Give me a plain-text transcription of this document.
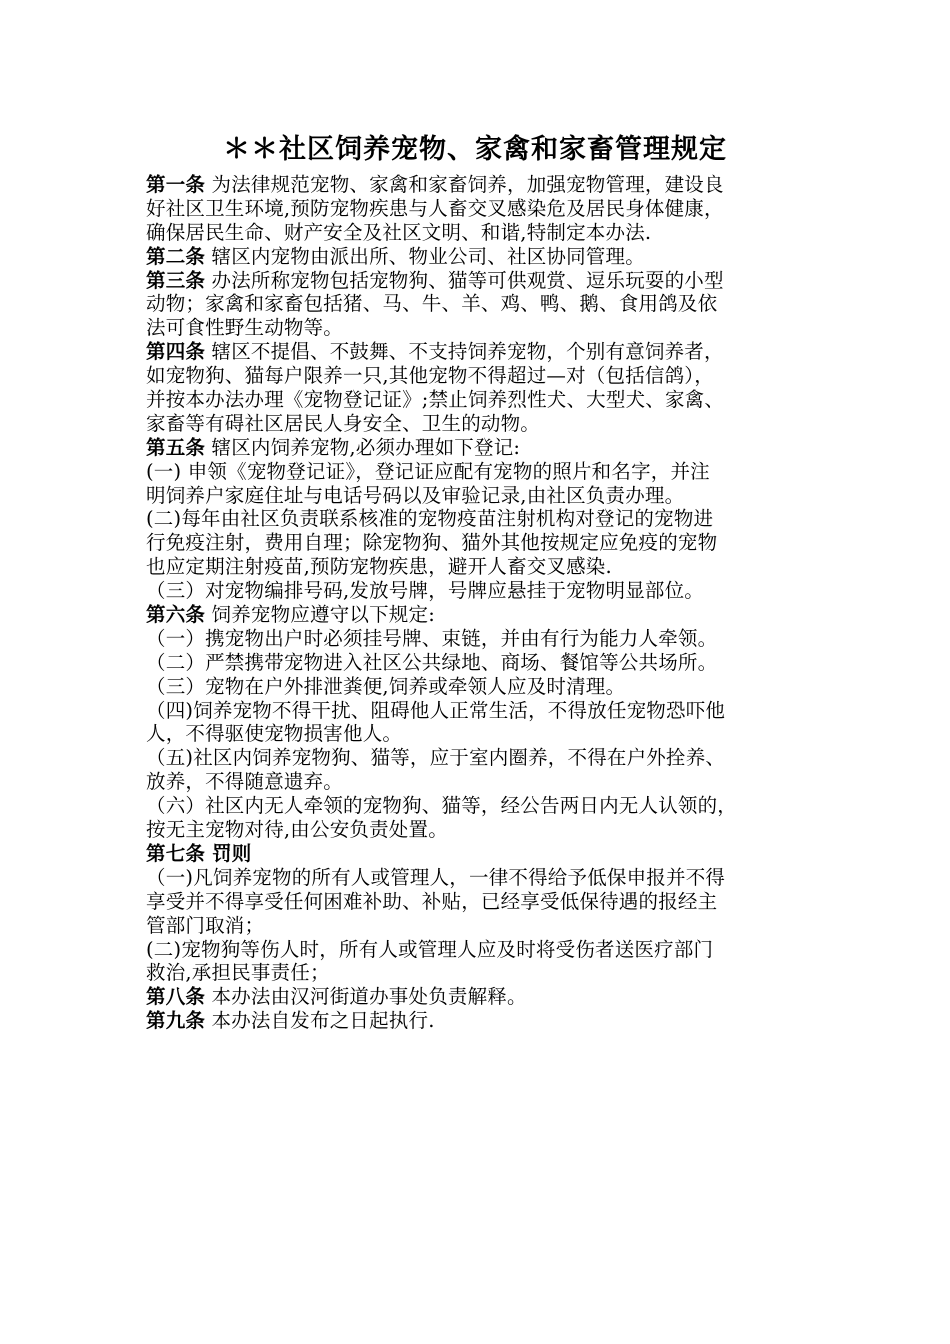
＊＊社区饲养宠物、家禽和家畜管理规定
第一条 为法律规范宠物、家禽和家畜饲养，加强宠物管理，建设良
好社区卫生环境,预防宠物疾患与人畜交叉感染危及居民身体健康，
确保居民生命、财产安全及社区文明、和谐,特制定本办法.
第二条 辖区内宠物由派出所、物业公司、社区协同管理。
第三条 办法所称宠物包括宠物狗、猫等可供观赏、逗乐玩耍的小型
动物；家禽和家畜包括猪、马、牛、羊、鸡、鸭、鹅、食用鸽及依
法可食性野生动物等。
第四条 辖区不提倡、不鼓舞、不支持饲养宠物，个别有意饲养者，
如宠物狗、猫每户限养一只,其他宠物不得超过—对（包括信鸽），
并按本办法办理《宠物登记证》;禁止饲养烈性犬、大型犬、家禽、
家畜等有碍社区居民人身安全、卫生的动物。
第五条 辖区内饲养宠物,必须办理如下登记:
(一) 申领《宠物登记证》，登记证应配有宠物的照片和名字，并注
明饲养户家庭住址与电话号码以及审验记录,由社区负责办理。
(二)每年由社区负责联系核准的宠物疫苗注射机构对登记的宠物进
行免疫注射，费用自理；除宠物狗、猫外其他按规定应免疫的宠物
也应定期注射疫苗,预防宠物疾患，避开人畜交叉感染.
（三）对宠物编排号码,发放号牌，号牌应悬挂于宠物明显部位。
第六条 饲养宠物应遵守以下规定:
（一）携宠物出户时必须挂号牌、束链，并由有行为能力人牵领。
（二）严禁携带宠物进入社区公共绿地、商场、餐馆等公共场所。
（三）宠物在户外排泄粪便,饲养或牵领人应及时清理。
（四)饲养宠物不得干扰、阻碍他人正常生活，不得放任宠物恐吓他
人，不得驱使宠物损害他人。
（五)社区内饲养宠物狗、猫等，应于室内圈养，不得在户外拴养、
放养，不得随意遗弃。
（六）社区内无人牵领的宠物狗、猫等，经公告两日内无人认领的，
按无主宠物对待,由公安负责处置。
第七条 罚则
（一)凡饲养宠物的所有人或管理人，一律不得给予低保申报并不得
享受并不得享受任何困难补助、补贴，已经享受低保待遇的报经主
管部门取消；
(二)宠物狗等伤人时，所有人或管理人应及时将受伤者送医疗部门
救治,承担民事责任；
第八条 本办法由汉河街道办事处负责解释。
第九条 本办法自发布之日起执行.
